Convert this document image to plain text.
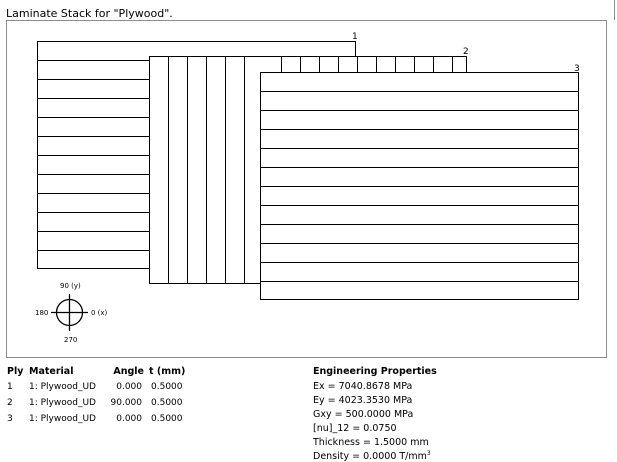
Laminate Stack for "Plywood".
1
2
3
90 (y)
0 (x)
180
270
Ply Material	Angle t (mm)
1 1: Plywood_UD	0.000 0.5000
2 1: Plywood_UD	90.000 0.5000
3 1: Plywood_UD	0.000 0.5000
Engineering Properties
Ex = 7040.8678 MPa
Ey = 4023.3530 MPa
Gxy = 500.0000 MPa
[nu]_12 = 0.0750
Thickness = 1.5000 mm
Density = 0.0000 $T/mm^3$
